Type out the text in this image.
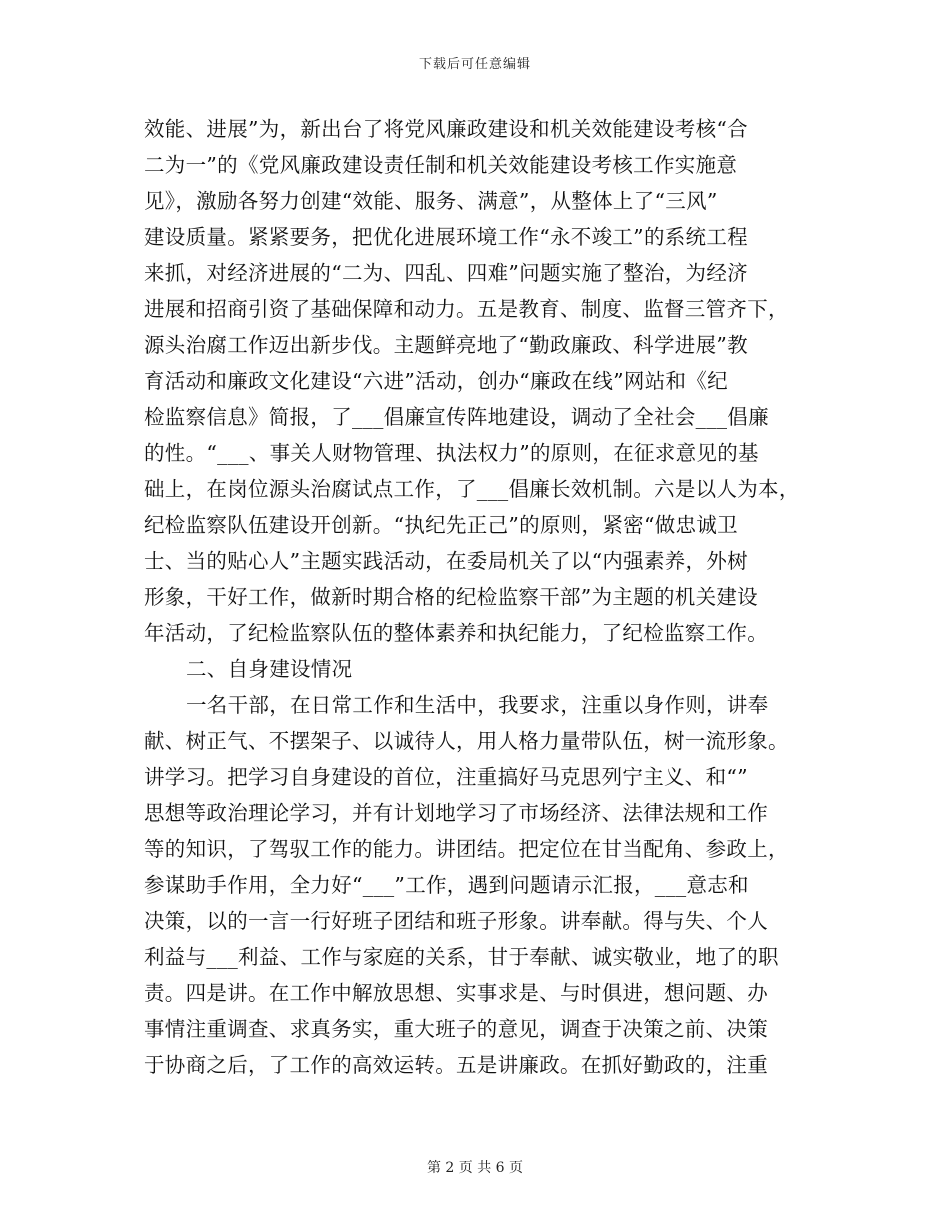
下载后可任意编辑
效能、进展”为，新出台了将党风廉政建设和机关效能建设考核“合
二为一”的《党风廉政建设责任制和机关效能建设考核工作实施意
见》，激励各努力创建“效能、服务、满意”，从整体上了“三风”
建设质量。紧紧要务，把优化进展环境工作“永不竣工”的系统工程
来抓，对经济进展的“二为、四乱、四难”问题实施了整治，为经济
进展和招商引资了基础保障和动力。五是教育、制度、监督三管齐下，
源头治腐工作迈出新步伐。主题鲜亮地了“勤政廉政、科学进展”教
育活动和廉政文化建设“六进”活动，创办“廉政在线”网站和《纪
检监察信息》简报，了___倡廉宣传阵地建设，调动了全社会___倡廉
的性。“___、事关人财物管理、执法权力”的原则，在征求意见的基
础上，在岗位源头治腐试点工作，了___倡廉长效机制。六是以人为本，
纪检监察队伍建设开创新。“执纪先正己”的原则，紧密“做忠诚卫
士、当的贴心人”主题实践活动，在委局机关了以“内强素养，外树
形象，干好工作，做新时期合格的纪检监察干部”为主题的机关建设
年活动，了纪检监察队伍的整体素养和执纪能力，了纪检监察工作。
二、自身建设情况
一名干部，在日常工作和生活中，我要求，注重以身作则，讲奉
献、树正气、不摆架子、以诚待人，用人格力量带队伍，树一流形象。
讲学习。把学习自身建设的首位，注重搞好马克思列宁主义、和“”
思想等政治理论学习，并有计划地学习了市场经济、法律法规和工作
等的知识，了驾驭工作的能力。讲团结。把定位在甘当配角、参政上，
参谋助手作用，全力好“___”工作，遇到问题请示汇报，___意志和
决策，以的一言一行好班子团结和班子形象。讲奉献。得与失、个人
利益与___利益、工作与家庭的关系，甘于奉献、诚实敬业，地了的职
责。四是讲。在工作中解放思想、实事求是、与时俱进，想问题、办
事情注重调查、求真务实，重大班子的意见，调查于决策之前、决策
于协商之后，了工作的高效运转。五是讲廉政。在抓好勤政的，注重
第 2 页 共 6 页
